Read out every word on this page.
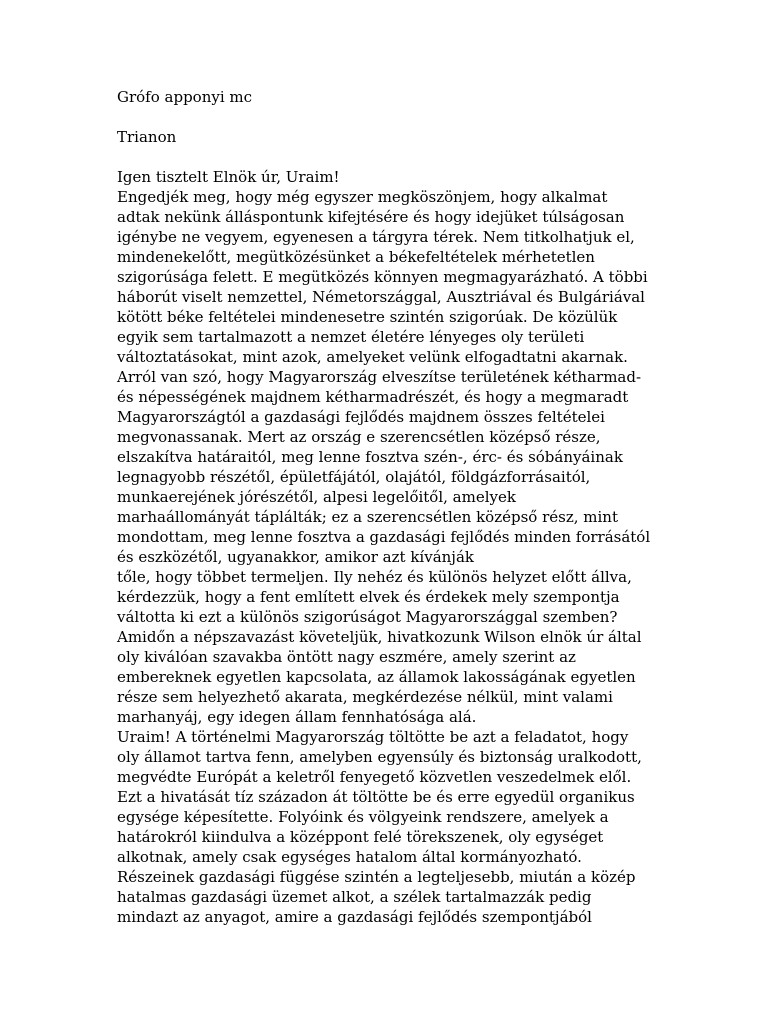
Grófo apponyi mc
Trianon
Igen tisztelt Elnök úr, Uraim!
Engedjék meg, hogy még egyszer megköszönjem, hogy alkalmat
adtak nekünk álláspontunk kifejtésére és hogy idejüket túlságosan
igénybe ne vegyem, egyenesen a tárgyra térek. Nem titkolhatjuk el,
mindenekelőtt, megütközésünket a békefeltételek mérhetetlen
szigorúsága felett. E megütközés könnyen megmagyarázható. A többi
háborút viselt nemzettel, Németországgal, Ausztriával és Bulgáriával
kötött béke feltételei mindenesetre szintén szigorúak. De közülük
egyik sem tartalmazott a nemzet életére lényeges oly területi
változtatásokat, mint azok, amelyeket velünk elfogadtatni akarnak.
Arról van szó, hogy Magyarország elveszítse területének kétharmad-
és népességének majdnem kétharmadrészét, és hogy a megmaradt
Magyarországtól a gazdasági fejlődés majdnem összes feltételei
megvonassanak. Mert az ország e szerencsétlen középső része,
elszakítva határaitól, meg lenne fosztva szén-, érc- és sóbányáinak
legnagyobb részétől, épületfájától, olajától, földgázforrásaitól,
munkaerejének jórészétől, alpesi legelőitől, amelyek
marhaállományát táplálták; ez a szerencsétlen középső rész, mint
mondottam, meg lenne fosztva a gazdasági fejlődés minden forrásától
és eszközétől, ugyanakkor, amikor azt kívánják
tőle, hogy többet termeljen. Ily nehéz és különös helyzet előtt állva,
kérdezzük, hogy a fent említett elvek és érdekek mely szempontja
váltotta ki ezt a különös szigorúságot Magyarországgal szemben?
Amidőn a népszavazást követeljük, hivatkozunk Wilson elnök úr által
oly kiválóan szavakba öntött nagy eszmére, amely szerint az
embereknek egyetlen kapcsolata, az államok lakosságának egyetlen
része sem helyezhető akarata, megkérdezése nélkül, mint valami
marhanyáj, egy idegen állam fennhatósága alá.
Uraim! A történelmi Magyarország töltötte be azt a feladatot, hogy
oly államot tartva fenn, amelyben egyensúly és biztonság uralkodott,
megvédte Európát a keletről fenyegető közvetlen veszedelmek elől.
Ezt a hivatását tíz századon át töltötte be és erre egyedül organikus
egysége képesítette. Folyóink és völgyeink rendszere, amelyek a
határokról kiindulva a középpont felé törekszenek, oly egységet
alkotnak, amely csak egységes hatalom által kormányozható.
Részeinek gazdasági függése szintén a legteljesebb, miután a közép
hatalmas gazdasági üzemet alkot, a szélek tartalmazzák pedig
mindazt az anyagot, amire a gazdasági fejlődés szempontjából
